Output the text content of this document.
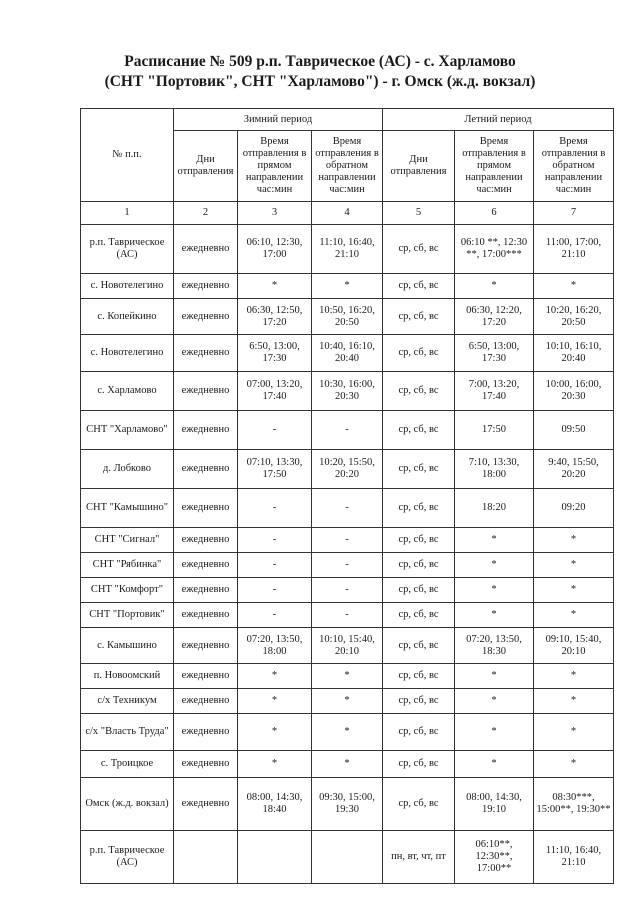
Расписание № 509 р.п. Таврическое (АС) - с. Харламово
(СНТ "Портовик", СНТ "Харламово") - г. Омск (ж.д. вокзал)
№ п.п.	Зимний период			Летний период		
	Дни отправления	Время отправления в прямом направлении час:мин	Время отправления в обратном направлении час:мин	Дни отправления	Время отправления в прямом направлении час:мин	Время отправления в обратном направлении час:мин
1	2	3	4	5	6	7
р.п. Таврическое (АС)	ежедневно	06:10, 12:30, 17:00	11:10, 16:40, 21:10	ср, сб, вс	06:10 **, 12:30 **, 17:00***	11:00, 17:00, 21:10
с. Новотелегино	ежедневно	*	*	ср, сб, вс	*	*
с. Копейкино	ежедневно	06:30, 12:50, 17:20	10:50, 16:20, 20:50	ср, сб, вс	06:30, 12:20, 17:20	10:20, 16:20, 20:50
с. Новотелегино	ежедневно	6:50, 13:00, 17:30	10:40, 16:10, 20:40	ср, сб, вс	6:50, 13:00, 17:30	10:10, 16:10, 20:40
с. Харламово	ежедневно	07:00, 13:20, 17:40	10:30, 16:00, 20:30	ср, сб, вс	7:00, 13:20, 17:40	10:00, 16:00, 20:30
СНТ "Харламово"	ежедневно	-	-	ср, сб, вс	17:50	09:50
д. Лобково	ежедневно	07:10, 13:30, 17:50	10:20, 15:50, 20:20	ср, сб, вс	7:10, 13:30, 18:00	9:40, 15:50, 20:20
СНТ "Камышино"	ежедневно	-	-	ср, сб, вс	18:20	09:20
СНТ "Сигнал"	ежедневно	-	-	ср, сб, вс	*	*
СНТ "Рябинка"	ежедневно	-	-	ср, сб, вс	*	*
СНТ "Комфорт"	ежедневно	-	-	ср, сб, вс	*	*
СНТ "Портовик"	ежедневно	-	-	ср, сб, вс	*	*
с. Камышино	ежедневно	07:20, 13:50, 18:00	10:10, 15:40, 20:10	ср, сб, вс	07:20, 13:50, 18:30	09:10, 15:40, 20:10
п. Новоомский	ежедневно	*	*	ср, сб, вс	*	*
с/х Техникум	ежедневно	*	*	ср, сб, вс	*	*
с/х "Власть Труда"	ежедневно	*	*	ср, сб, вс	*	*
с. Троицкое	ежедневно	*	*	ср, сб, вс	*	*
Омск (ж.д. вокзал)	ежедневно	08:00, 14:30, 18:40	09:30, 15:00, 19:30	ср, сб, вс	08:00, 14:30, 19:10	08:30***, 15:00**, 19:30**
р.п. Таврическое (АС)				пн, вт, чт, пт	06:10**, 12:30**, 17:00**	11:10, 16:40, 21:10
